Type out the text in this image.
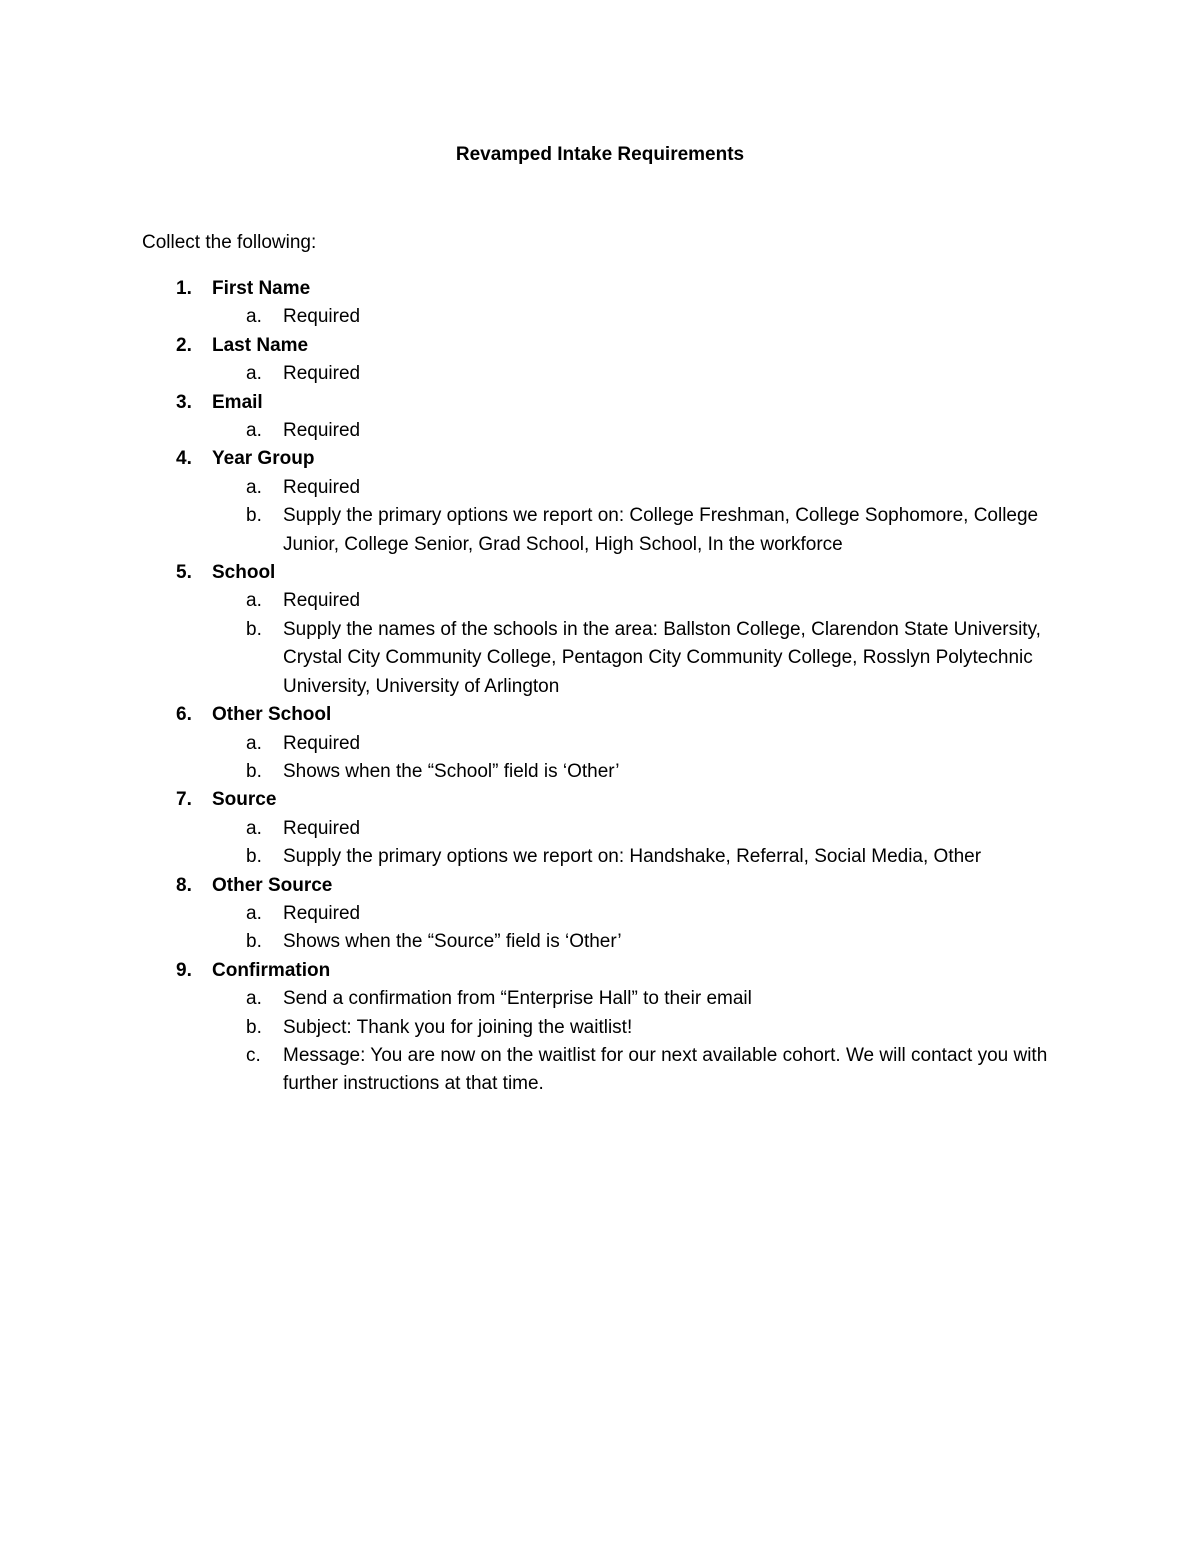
Revamped Intake Requirements

Collect the following:

1. First Name
a. Required
2. Last Name
a. Required
3. Email
a. Required
4. Year Group
a. Required
b. Supply the primary options we report on: College Freshman, College Sophomore, College Junior, College Senior, Grad School, High School, In the workforce
5. School
a. Required
b. Supply the names of the schools in the area: Ballston College, Clarendon State University, Crystal City Community College, Pentagon City Community College, Rosslyn Polytechnic University, University of Arlington
6. Other School
a. Required
b. Shows when the “School” field is ‘Other’
7. Source
a. Required
b. Supply the primary options we report on: Handshake, Referral, Social Media, Other
8. Other Source
a. Required
b. Shows when the “Source” field is ‘Other’
9. Confirmation
a. Send a confirmation from “Enterprise Hall” to their email
b. Subject: Thank you for joining the waitlist!
c. Message: You are now on the waitlist for our next available cohort. We will contact you with further instructions at that time.
